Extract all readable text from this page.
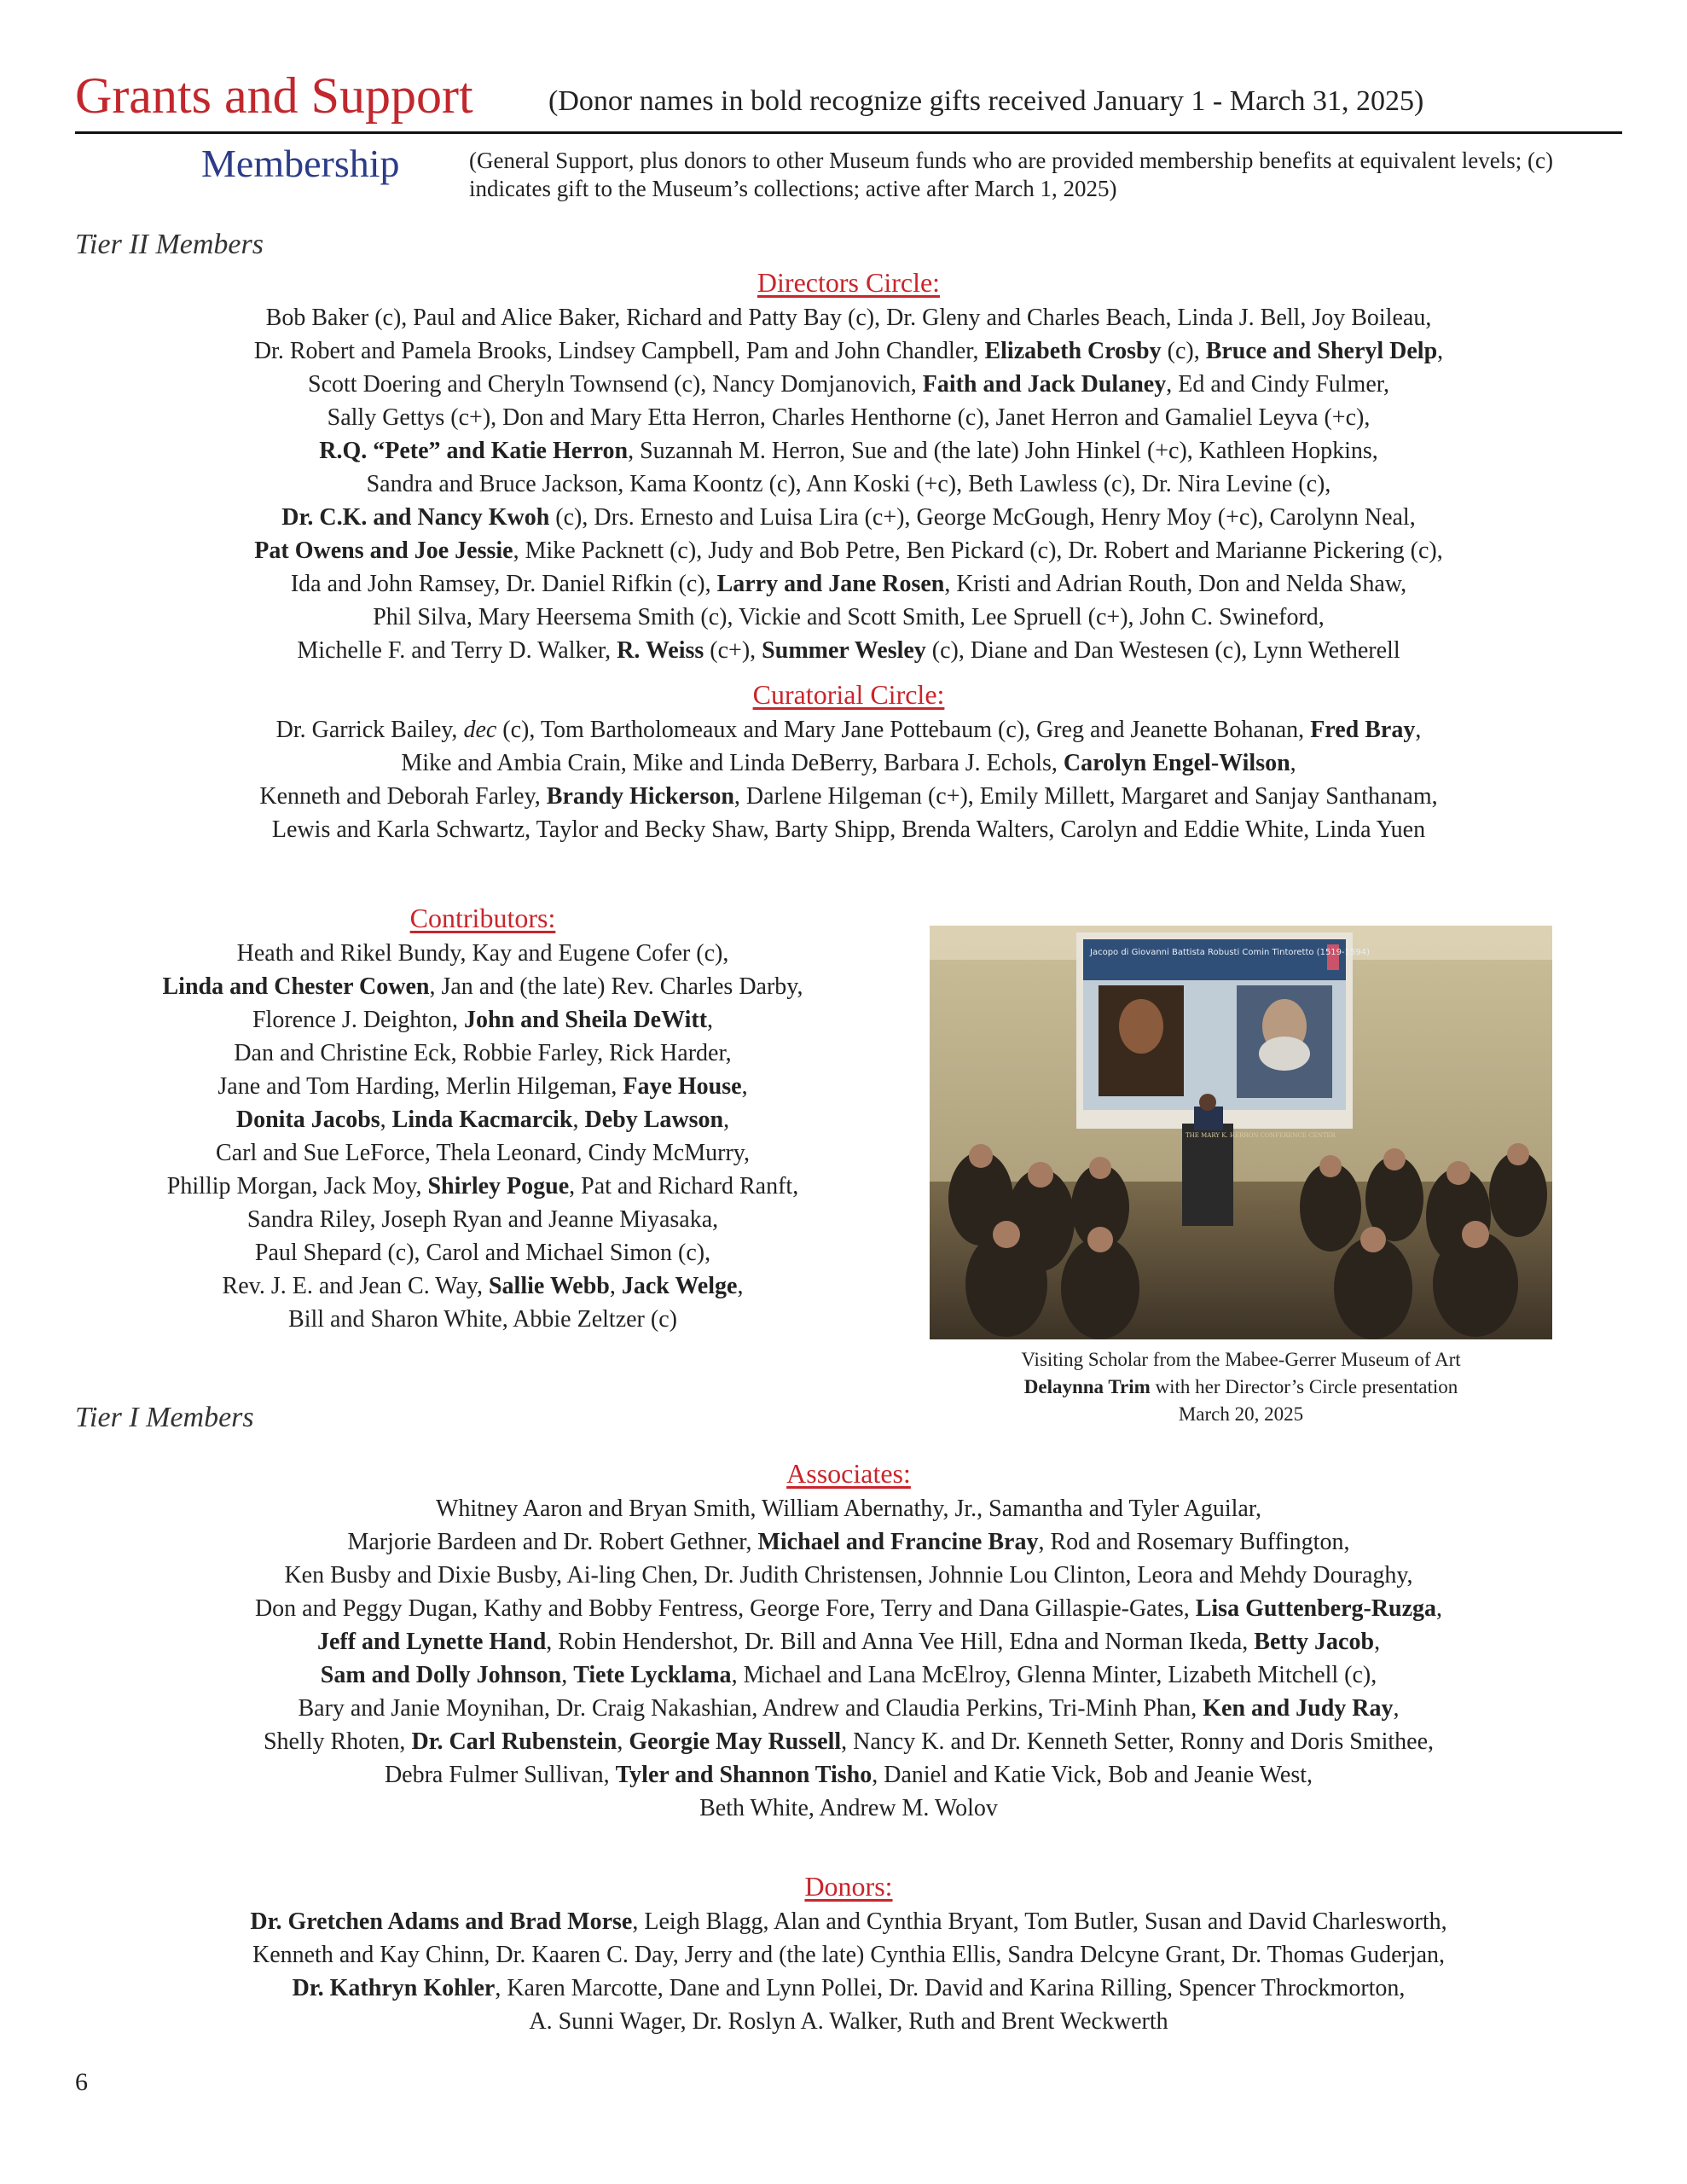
Grants and Support	(Donor names in bold recognize gifts received January 1 - March 31, 2025)
Membership	(General Support, plus donors to other Museum funds who are provided membership benefits at equivalent levels; (c) indicates gift to the Museum’s collections; active after March 1, 2025)
Tier II Members
Directors Circle:
Bob Baker (c), Paul and Alice Baker, Richard and Patty Bay (c), Dr. Gleny and Charles Beach, Linda J. Bell, Joy Boileau,
Dr. Robert and Pamela Brooks, Lindsey Campbell, Pam and John Chandler, Elizabeth Crosby (c), Bruce and Sheryl Delp,
Scott Doering and Cheryln Townsend (c), Nancy Domjanovich, Faith and Jack Dulaney, Ed and Cindy Fulmer,
Sally Gettys (c+), Don and Mary Etta Herron, Charles Henthorne (c), Janet Herron and Gamaliel Leyva (+c),
R.Q. “Pete” and Katie Herron, Suzannah M. Herron, Sue and (the late) John Hinkel (+c), Kathleen Hopkins,
Sandra and Bruce Jackson, Kama Koontz (c), Ann Koski (+c), Beth Lawless (c), Dr. Nira Levine (c),
Dr. C.K. and Nancy Kwoh (c), Drs. Ernesto and Luisa Lira (c+), George McGough, Henry Moy (+c), Carolynn Neal,
Pat Owens and Joe Jessie, Mike Packnett (c), Judy and Bob Petre, Ben Pickard (c), Dr. Robert and Marianne Pickering (c),
Ida and John Ramsey, Dr. Daniel Rifkin (c), Larry and Jane Rosen, Kristi and Adrian Routh, Don and Nelda Shaw,
Phil Silva, Mary Heersema Smith (c), Vickie and Scott Smith, Lee Spruell (c+), John C. Swineford,
Michelle F. and Terry D. Walker, R. Weiss (c+), Summer Wesley (c), Diane and Dan Westesen (c), Lynn Wetherell
Curatorial Circle:
Dr. Garrick Bailey, dec (c), Tom Bartholomeaux and Mary Jane Pottebaum (c), Greg and Jeanette Bohanan, Fred Bray,
Mike and Ambia Crain, Mike and Linda DeBerry, Barbara J. Echols, Carolyn Engel-Wilson,
Kenneth and Deborah Farley, Brandy Hickerson, Darlene Hilgeman (c+), Emily Millett, Margaret and Sanjay Santhanam,
Lewis and Karla Schwartz, Taylor and Becky Shaw, Barty Shipp, Brenda Walters, Carolyn and Eddie White, Linda Yuen
Contributors:
Heath and Rikel Bundy, Kay and Eugene Cofer (c),
Linda and Chester Cowen, Jan and (the late) Rev. Charles Darby,
Florence J. Deighton, John and Sheila DeWitt,
Dan and Christine Eck, Robbie Farley, Rick Harder,
Jane and Tom Harding, Merlin Hilgeman, Faye House,
Donita Jacobs, Linda Kacmarcik, Deby Lawson,
Carl and Sue LeForce, Thela Leonard, Cindy McMurry,
Phillip Morgan, Jack Moy, Shirley Pogue, Pat and Richard Ranft,
Sandra Riley, Joseph Ryan and Jeanne Miyasaka,
Paul Shepard (c), Carol and Michael Simon (c),
Rev. J. E. and Jean C. Way, Sallie Webb, Jack Welge,
Bill and Sharon White, Abbie Zeltzer (c)
Jacopo di Giovanni Battista Robusti Comin Tintoretto (1519-1594)
THE MARY K. HERRON CONFERENCE CENTER
Visiting Scholar from the Mabee-Gerrer Museum of Art
Delaynna Trim with her Director’s Circle presentation
March 20, 2025
Tier I Members
Associates:
Whitney Aaron and Bryan Smith, William Abernathy, Jr., Samantha and Tyler Aguilar,
Marjorie Bardeen and Dr. Robert Gethner, Michael and Francine Bray, Rod and Rosemary Buffington,
Ken Busby and Dixie Busby, Ai-ling Chen, Dr. Judith Christensen, Johnnie Lou Clinton, Leora and Mehdy Douraghy,
Don and Peggy Dugan, Kathy and Bobby Fentress, George Fore, Terry and Dana Gillaspie-Gates, Lisa Guttenberg-Ruzga,
Jeff and Lynette Hand, Robin Hendershot, Dr. Bill and Anna Vee Hill, Edna and Norman Ikeda, Betty Jacob,
Sam and Dolly Johnson, Tiete Lycklama, Michael and Lana McElroy, Glenna Minter, Lizabeth Mitchell (c),
Bary and Janie Moynihan, Dr. Craig Nakashian, Andrew and Claudia Perkins, Tri-Minh Phan, Ken and Judy Ray,
Shelly Rhoten, Dr. Carl Rubenstein, Georgie May Russell, Nancy K. and Dr. Kenneth Setter, Ronny and Doris Smithee,
Debra Fulmer Sullivan, Tyler and Shannon Tisho, Daniel and Katie Vick, Bob and Jeanie West,
Beth White, Andrew M. Wolov
Donors:
Dr. Gretchen Adams and Brad Morse, Leigh Blagg, Alan and Cynthia Bryant, Tom Butler, Susan and David Charlesworth,
Kenneth and Kay Chinn, Dr. Kaaren C. Day, Jerry and (the late) Cynthia Ellis, Sandra Delcyne Grant, Dr. Thomas Guderjan,
Dr. Kathryn Kohler, Karen Marcotte, Dane and Lynn Pollei, Dr. David and Karina Rilling, Spencer Throckmorton,
A. Sunni Wager, Dr. Roslyn A. Walker, Ruth and Brent Weckwerth
6
